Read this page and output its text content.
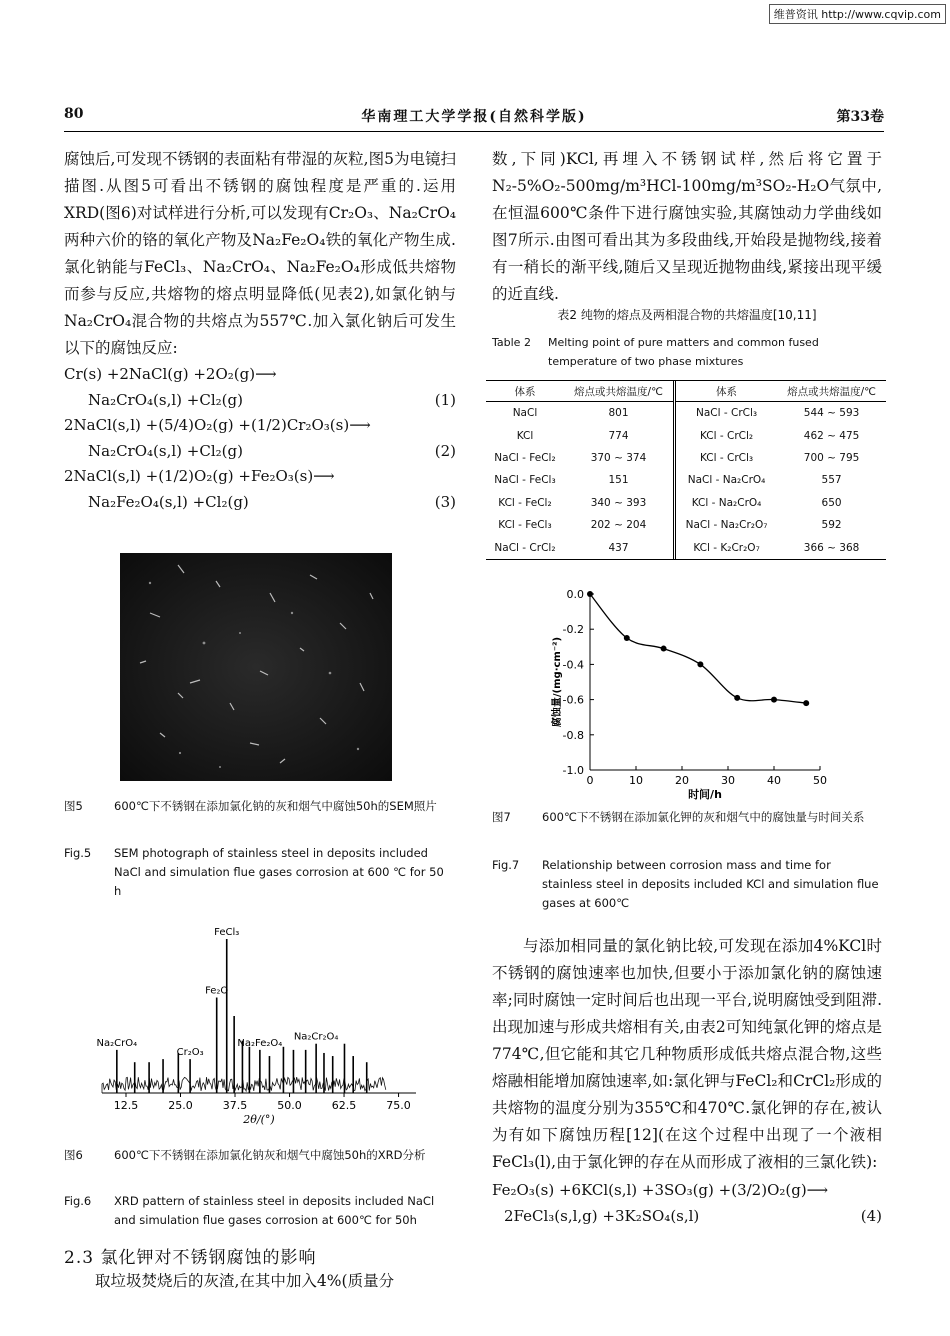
维普资讯 http://www.cqvip.com
80	华南理工大学学报(自然科学版)	第33卷

腐蚀后,可发现不锈钢的表面粘有带湿的灰粒,图5为电镜扫描图.从图5可看出不锈钢的腐蚀程度是严重的.运用XRD(图6)对试样进行分析,可以发现有Cr₂O₃、Na₂CrO₄两种六价的铬的氧化产物及Na₂Fe₂O₄铁的氧化产物生成.氯化钠能与FeCl₃、Na₂CrO₄、Na₂Fe₂O₄形成低共熔物而参与反应,共熔物的熔点明显降低(见表2),如氯化钠与Na₂CrO₄混合物的共熔点为557℃.加入氯化钠后可发生以下的腐蚀反应:

Cr(s) +2NaCl(g) +2O₂(g)⟶
Na₂CrO₄(s,l) +Cl₂(g)	(1)
2NaCl(s,l) +(5/4)O₂(g) +(1/2)Cr₂O₃(s)⟶
Na₂CrO₄(s,l) +Cl₂(g)	(2)
2NaCl(s,l) +(1/2)O₂(g) +Fe₂O₃(s)⟶
Na₂Fe₂O₄(s,l) +Cl₂(g)	(3)
图5	600℃下不锈钢在添加氯化钠的灰和烟气中腐蚀50h的SEM照片
Fig.5 SEM photograph of stainless steel in deposits included NaCl and simulation flue gases corrosion at 600 ℃ for 50 h
Na₂CrO₄
Cr₂O₃
Fe₂O
FeCl₃
Na₂Fe₂O₄
Na₂Cr₂O₄
12.5	25.0	37.5	50.0	62.5	75.0
2θ/(°)
图6	600℃下不锈钢在添加氯化钠灰和烟气中腐蚀50h的XRD分析
Fig.6 XRD pattern of stainless steel in deposits included NaCl and simulation flue gases corrosion at 600℃ for 50h
2.3 氯化钾对不锈钢腐蚀的影响

取垃圾焚烧后的灰渣,在其中加入4%(质量分

数,下同)KCl,再埋入不锈钢试样,然后将它置于N₂-5%O₂-500mg/m³HCl-100mg/m³SO₂-H₂O气氛中,在恒温600℃条件下进行腐蚀实验,其腐蚀动力学曲线如图7所示.由图可看出其为多段曲线,开始段是抛物线,接着有一稍长的渐平线,随后又呈现近抛物曲线,紧接出现平缓的近直线.

表2 纯物的熔点及两相混合物的共熔温度[10,11]
Table 2 Melting point of pure matters and common fused temperature of two phase mixtures
体系	熔点或共熔温度/℃	体系	熔点或共熔温度/℃
NaCl	801	NaCl - CrCl₃	544 ~ 593
KCl	774	KCl - CrCl₂	462 ~ 475
NaCl - FeCl₂	370 ~ 374	KCl - CrCl₃	700 ~ 795
NaCl - FeCl₃	151	NaCl - Na₂CrO₄	557
KCl - FeCl₂	340 ~ 393	KCl - Na₂CrO₄	650
KCl - FeCl₃	202 ~ 204	NaCl - Na₂Cr₂O₇	592
NaCl - CrCl₂	437	KCl - K₂Cr₂O₇	366 ~ 368
0.0
-0.2
-0.4
-0.6
-0.8
-1.0
0	10	20	30	40	50
时间/h
腐蚀量/(mg·cm⁻²)
图7	600℃下不锈钢在添加氯化钾的灰和烟气中的腐蚀量与时间关系
Fig.7 Relationship between corrosion mass and time for stainless steel in deposits included KCl and simulation flue gases at 600℃

与添加相同量的氯化钠比较,可发现在添加4%KCl时不锈钢的腐蚀速率也加快,但要小于添加氯化钠的腐蚀速率;同时腐蚀一定时间后也出现一平台,说明腐蚀受到阻滞.出现加速与形成共熔相有关,由表2可知纯氯化钾的熔点是774℃,但它能和其它几种物质形成低共熔点混合物,这些熔融相能增加腐蚀速率,如:氯化钾与FeCl₂和CrCl₂形成的共熔物的温度分别为355℃和470℃.氯化钾的存在,被认为有如下腐蚀历程[12](在这个过程中出现了一个液相FeCl₃(l),由于氯化钾的存在从而形成了液相的三氯化铁):

Fe₂O₃(s) +6KCl(s,l) +3SO₃(g) +(3/2)O₂(g)⟶
2FeCl₃(s,l,g) +3K₂SO₄(s,l)	(4)
